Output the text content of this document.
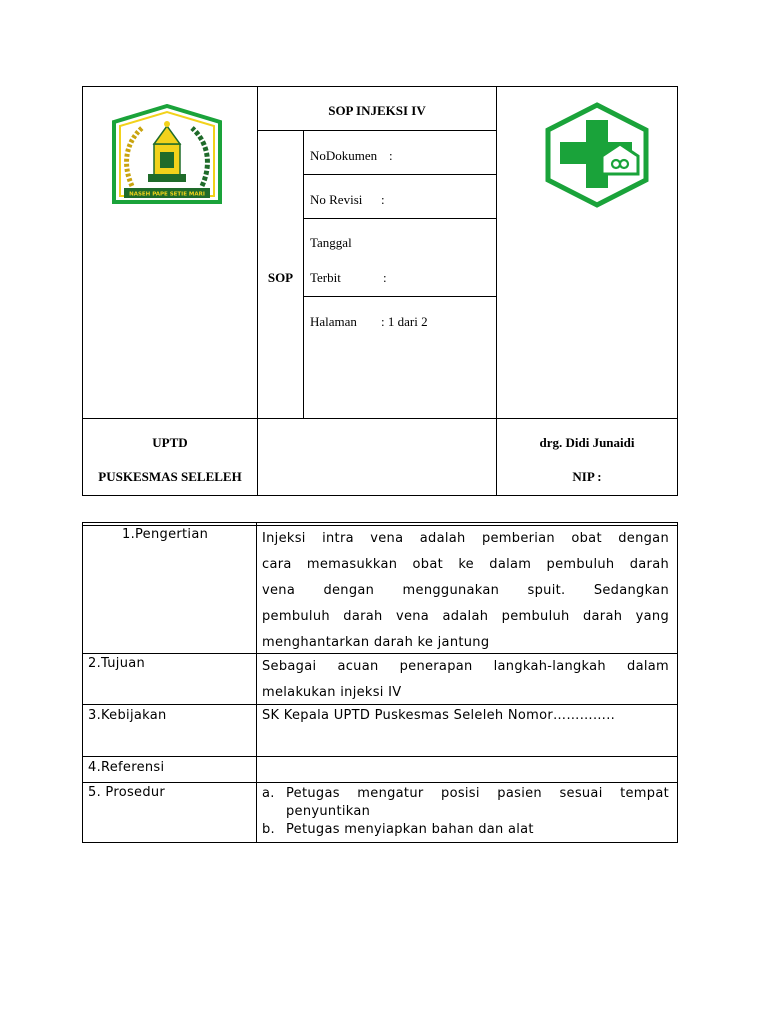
NASEH PAPE SETIE MARI
SOP INJEKSI IV
SOP
NoDokumen :
No Revisi :
Tanggal
Terbit	:
Halaman : 1 dari 2
UPTD
PUSKESMAS SELELEH
drg. Didi Junaidi
NIP :
1.Pengertian	Injeksi intra vena adalah pemberian obat dengan
cara memasukkan obat ke dalam pembuluh darah
vena dengan menggunakan spuit. Sedangkan
pembuluh darah vena adalah pembuluh darah yang
menghantarkan darah ke jantung
2.Tujuan	Sebagai acuan penerapan langkah-langkah dalam
melakukan injeksi IV
3.Kebijakan	SK Kepala UPTD Puskesmas Seleleh Nomor…………..
4.Referensi
5. Prosedur	a. Petugas mengatur posisi pasien sesuai tempat
penyuntikan
b. Petugas menyiapkan bahan dan alat
